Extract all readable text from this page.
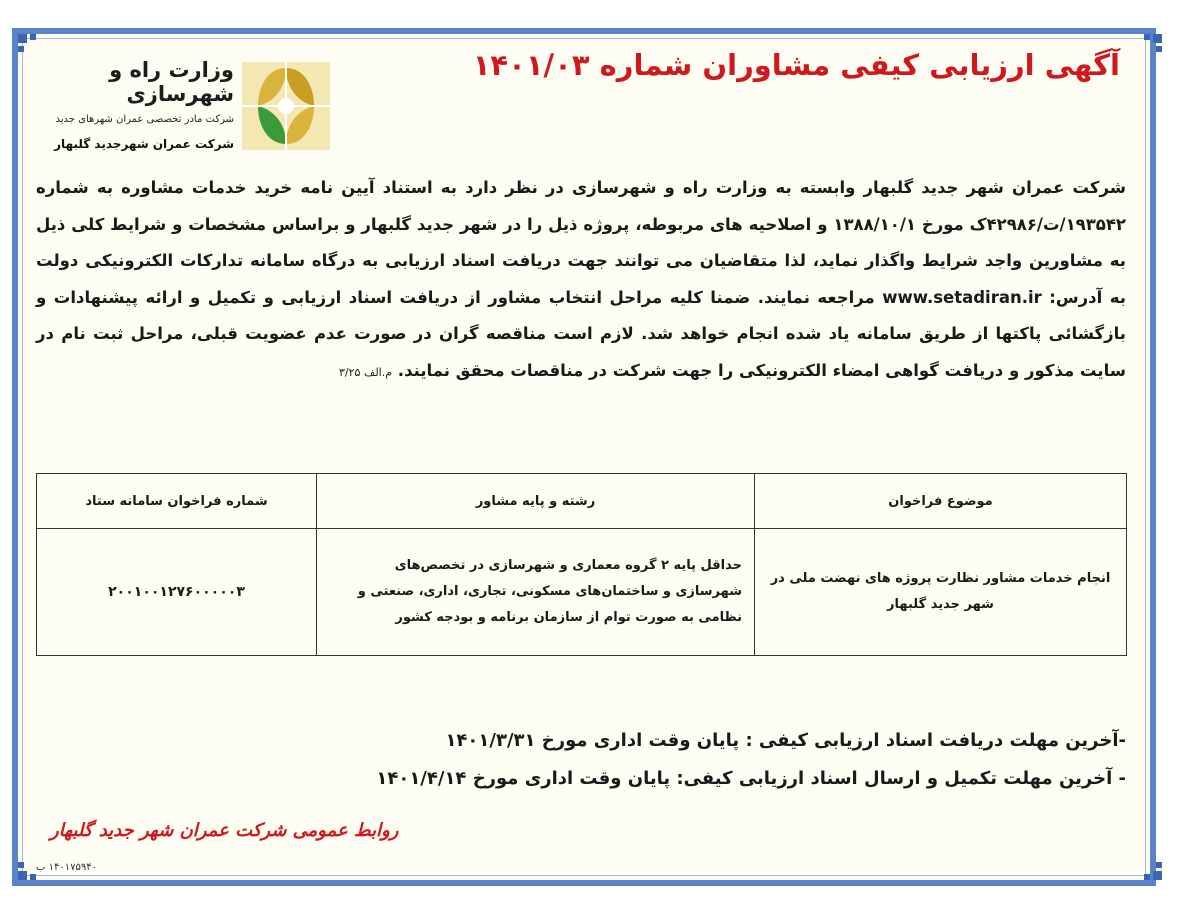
آگهی ارزیابی کیفی مشاوران شماره ۱۴۰۱/۰۳
وزارت راه و شهرسازی
شرکت مادر تخصصی عمران شهرهای جدید
شرکت عمران شهرجدید گلبهار
شرکت عمران شهر جدید گلبهار وابسته به وزارت راه و شهرسازی در نظر دارد به استناد آیین نامه خرید خدمات مشاوره به شماره ۱۹۳۵۴۲/ت/۴۲۹۸۶ک مورخ ۱۳۸۸/۱۰/۱ و اصلاحیه های مربوطه، پروژه ذیل را در شهر جدید گلبهار و براساس مشخصات و شرایط کلی ذیل به مشاورین واجد شرایط واگذار نماید، لذا متقاضیان می توانند جهت دریافت اسناد ارزیابی به درگاه سامانه تدارکات الکترونیکی دولت به آدرس: www.setadiran.ir مراجعه نمایند. ضمنا کلیه مراحل انتخاب مشاور از دریافت اسناد ارزیابی و تکمیل و ارائه پیشنهادات و بازگشائی پاکتها از طریق سامانه یاد شده انجام خواهد شد. لازم است مناقصه گران در صورت عدم عضویت قبلی، مراحل ثبت نام در سایت مذکور و دریافت گواهی امضاء الکترونیکی را جهت شرکت در مناقصات محقق نمایند. م.الف ۳/۲۵
موضوع فراخوان	رشته و پایه مشاور	شماره فراخوان سامانه ستاد
انجام خدمات مشاور نظارت پروژه های نهضت ملی در شهر جدید گلبهار	حداقل پایه ۲ گروه معماری و شهرسازی در تخصص‌های شهرسازی و ساختمان‌های مسکونی، تجاری، اداری، صنعتی و نظامی به صورت توام از سازمان برنامه و بودجه کشور	۲۰۰۱۰۰۱۲۷۶۰۰۰۰۰۳
-آخرین مهلت دریافت اسناد ارزیابی کیفی : پایان وقت اداری مورخ ۱۴۰۱/۳/۳۱
- آخرین مهلت تکمیل و ارسال اسناد ارزیابی کیفی: پایان وقت اداری مورخ ۱۴۰۱/۴/۱۴
روابط عمومی شرکت عمران شهر جدید گلبهار
۱۴۰۱۷۵۹۴۰ ب
